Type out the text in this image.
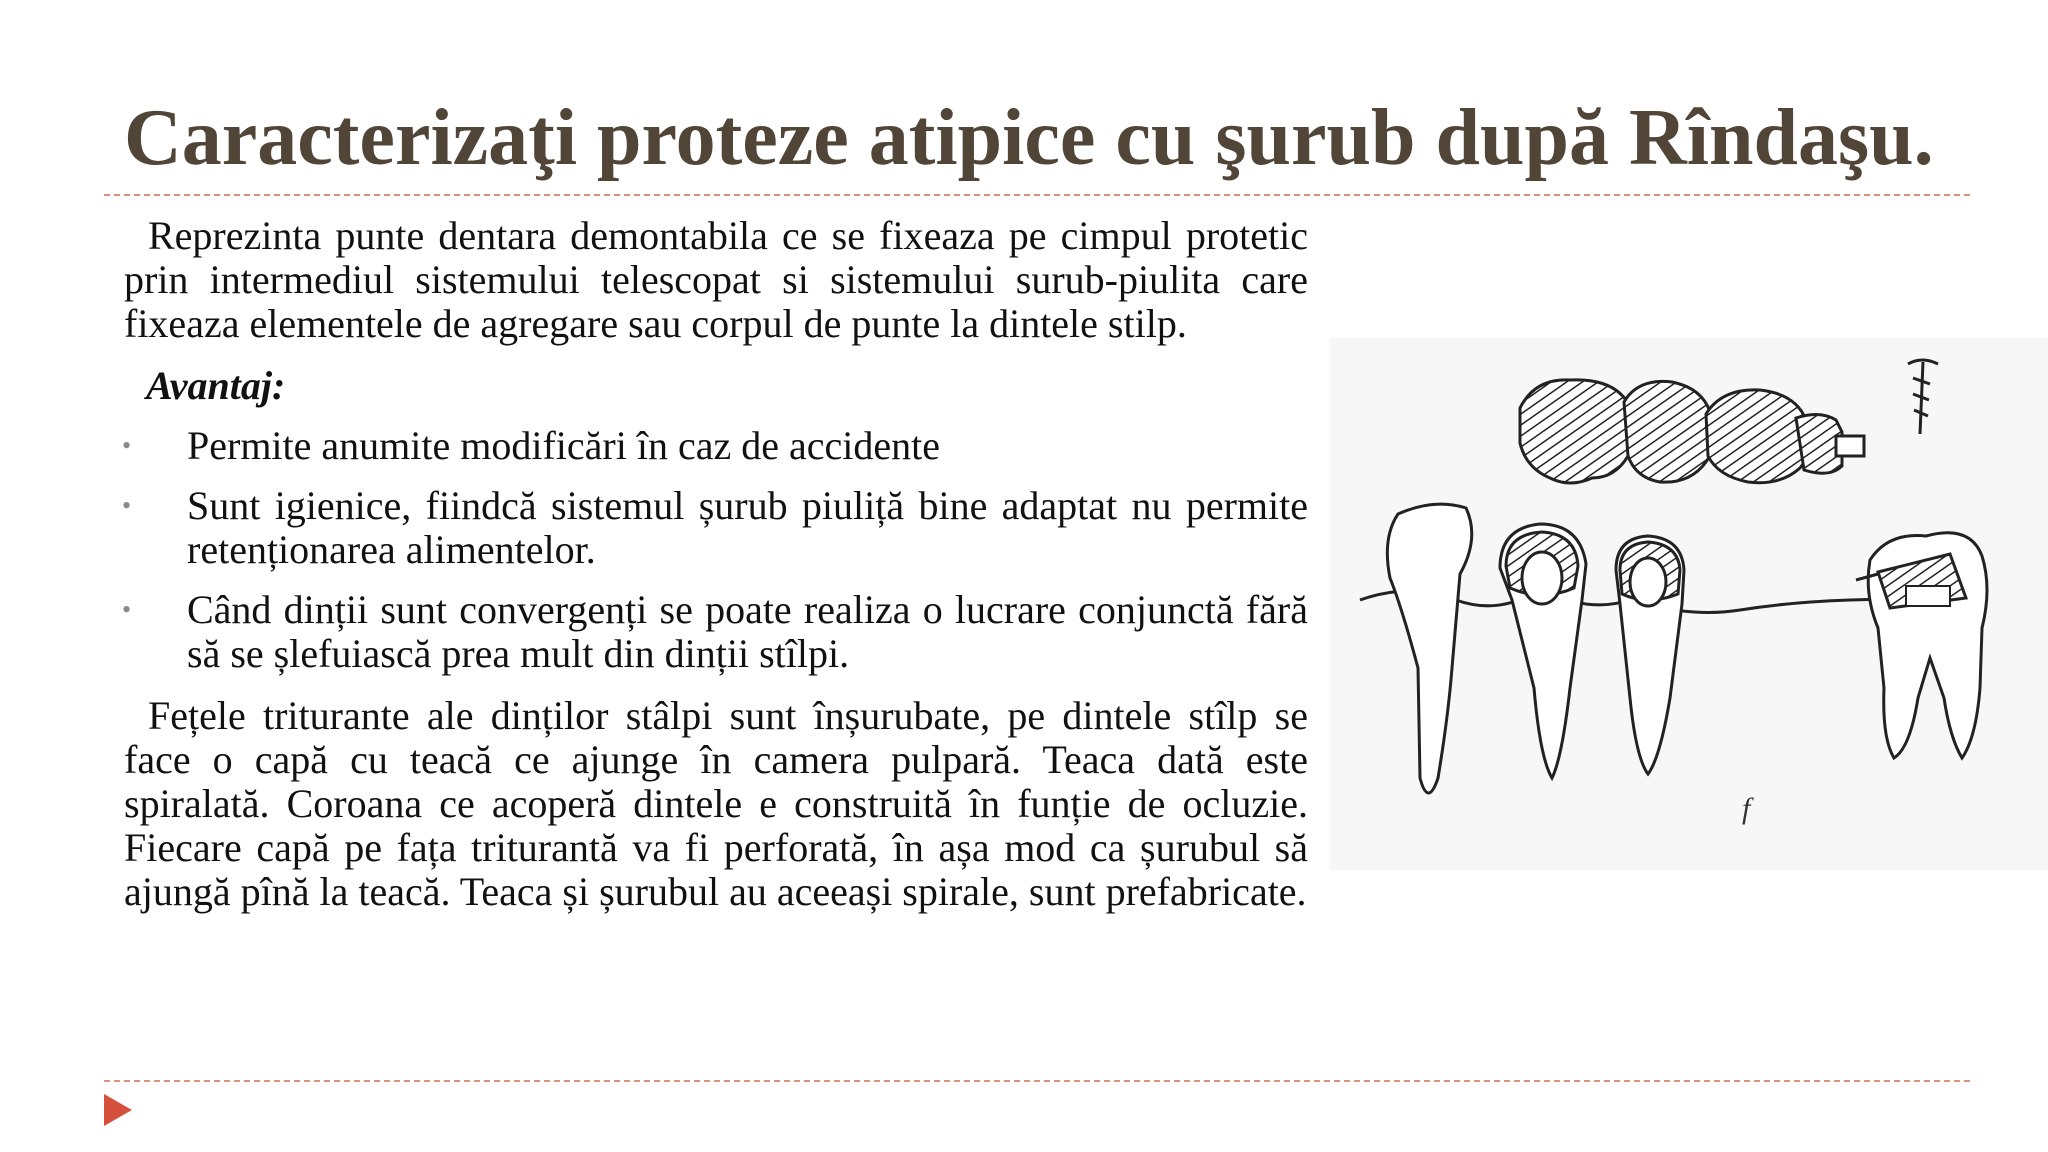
Caracterizaţi proteze atipice cu şurub după Rîndaşu.

Reprezinta punte dentara demontabila ce se fixeaza pe cimpul protetic prin intermediul sistemului telescopat si sistemului surub-piulita care fixeaza elementele de agregare sau corpul de punte la dintele stilp.

Avantaj:
• Permite anumite modificări în caz de accidente
• Sunt igienice, fiindcă sistemul șurub piuliță bine adaptat nu permite retenționarea alimentelor.
• Când dinții sunt convergenți se poate realiza o lucrare conjunctă fără să se șlefuiască prea mult din dinții stîlpi.

Fețele triturante ale dinților stâlpi sunt înșurubate, pe dintele stîlp se face o capă cu teacă ce ajunge în camera pulpară. Teaca dată este spiralată. Coroana ce acoperă dintele e construită în funție de ocluzie. Fiecare capă pe fața triturantă va fi perforată, în așa mod ca șurubul să ajungă pînă la teacă. Teaca și șurubul au aceeași spirale, sunt prefabricate.

f
